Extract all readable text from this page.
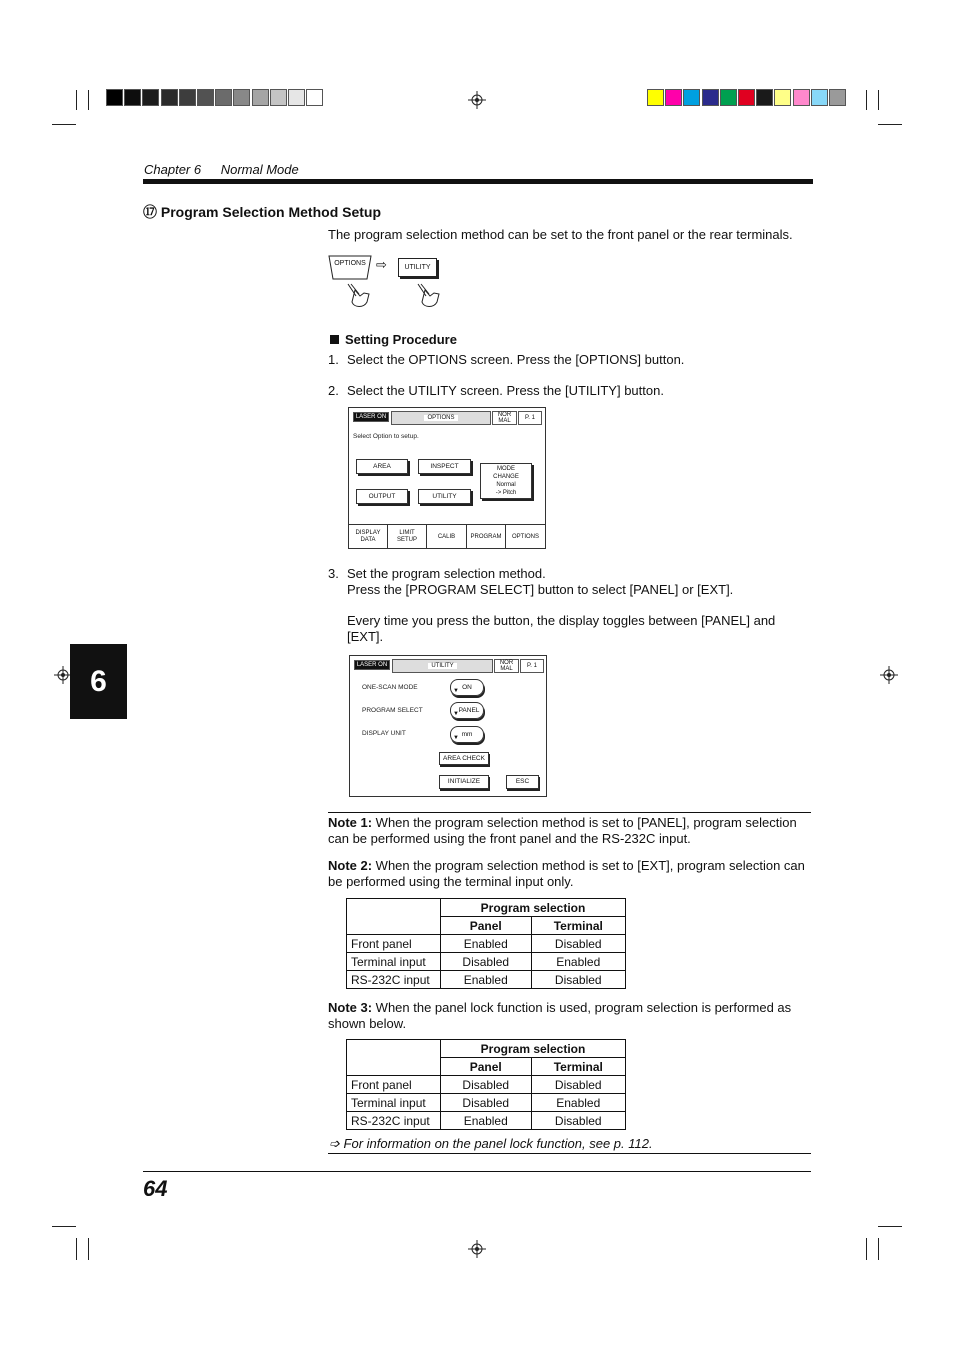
Chapter 6 Normal Mode
⑰ Program Selection Method Setup
The program selection method can be set to the front panel or the rear terminals.
OPTIONS ⇨	UTILITY
Setting Procedure
1. Select the OPTIONS screen. Press the [OPTIONS] button.
2. Select the UTILITY screen. Press the [UTILITY] button.
LASER ON	OPTIONS	NOR
MAL	P. 1
Select Option to setup.
AREA	INSPECT
OUTPUT	UTILITY
MODE
CHANGE
Normal
-> Pitch
DISPLAY
DATA
LIMIT
SETUP
CALIB	PROGRAM OPTIONS
3. Set the program selection method.
Press the [PROGRAM SELECT] button to select [PANEL] or [EXT].
Every time you press the button, the display toggles between [PANEL] and
[EXT].
LASER ON	UTILITY	NOR
MAL	P. 1
ONE-SCAN MODE	▼ ON
PROGRAM SELECT	▼ PANEL
DISPLAY UNIT
▼ mm
AREA CHECK
INITIALIZE	ESC
Note 1: When the program selection method is set to [PANEL], program selection
can be performed using the front panel and the RS-232C input.
Note 2: When the program selection method is set to [EXT], program selection can
be performed using the terminal input only.
	Program selection	
	Panel	Terminal
Front panel	Enabled	Disabled
Terminal input	Disabled	Enabled
RS-232C input	Enabled	Disabled
Note 3: When the panel lock function is used, program selection is performed as
shown below.
	Program selection	
	Panel	Terminal
Front panel	Disabled	Disabled
Terminal input	Disabled	Enabled
RS-232C input	Enabled	Disabled
➩ For information on the panel lock function, see p. 112.
64
6
